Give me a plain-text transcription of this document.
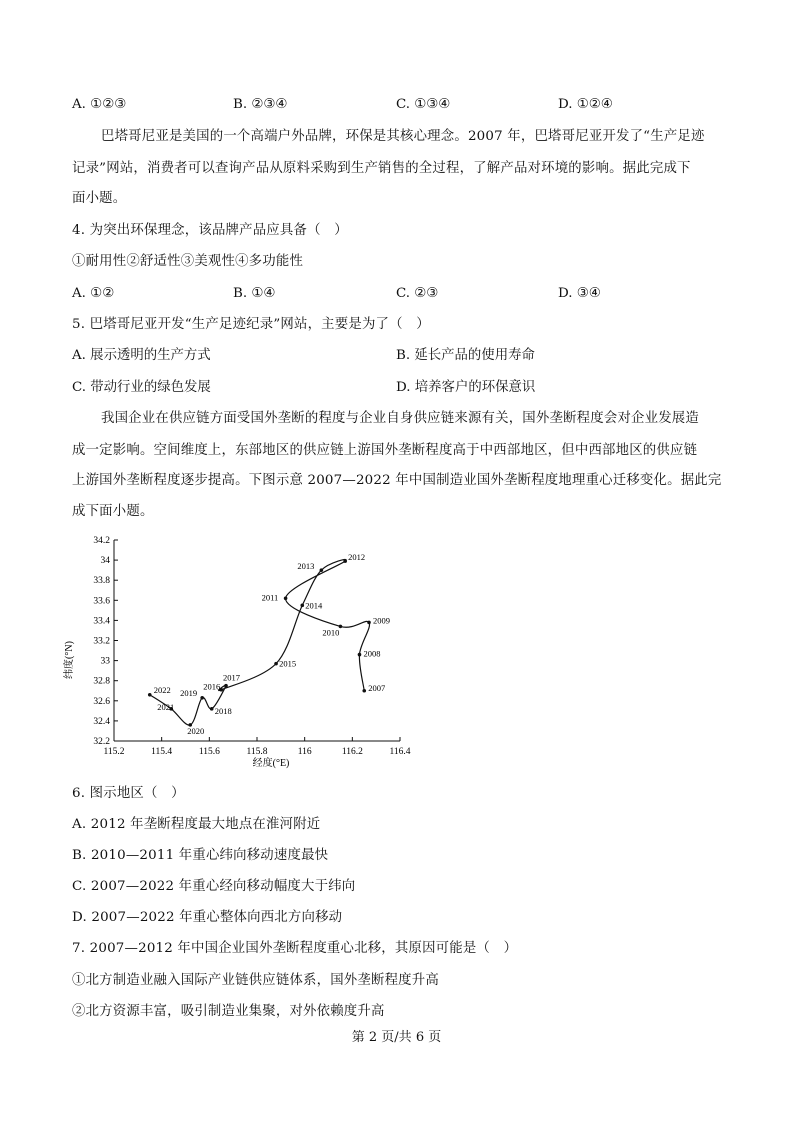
A. ①②③	B. ②③④	C. ①③④	D. ①②④
巴塔哥尼亚是美国的一个高端户外品牌，环保是其核心理念。2007 年，巴塔哥尼亚开发了“生产足迹
记录”网站，消费者可以查询产品从原料采购到生产销售的全过程，了解产品对环境的影响。据此完成下
面小题。
4. 为突出环保理念，该品牌产品应具备（　）
①耐用性②舒适性③美观性④多功能性
A. ①②	B. ①④	C. ②③	D. ③④
5. 巴塔哥尼亚开发“生产足迹纪录”网站，主要是为了（　）
A. 展示透明的生产方式	B. 延长产品的使用寿命
C. 带动行业的绿色发展	D. 培养客户的环保意识
我国企业在供应链方面受国外垄断的程度与企业自身供应链来源有关，国外垄断程度会对企业发展造
成一定影响。空间维度上，东部地区的供应链上游国外垄断程度高于中西部地区，但中西部地区的供应链
上游国外垄断程度逐步提高。下图示意 2007—2022 年中国制造业国外垄断程度地理重心迁移变化。据此完
成下面小题。
115.2	115.4	115.6	115.8	116	116.2	116.4
32.2
32.4
32.6
32.8
33
33.2
33.4
33.6
33.8
34
34.2
2007
2008
2009
2010
2011
2012
2013
2014
2015
2016
2017
2018
2019
2020
2021
2022
经度(°E)
纬度(°N)
6. 图示地区（　）
A. 2012 年垄断程度最大地点在淮河附近
B. 2010—2011 年重心纬向移动速度最快
C. 2007—2022 年重心经向移动幅度大于纬向
D. 2007—2022 年重心整体向西北方向移动
7. 2007—2012 年中国企业国外垄断程度重心北移，其原因可能是（　）
①北方制造业融入国际产业链供应链体系，国外垄断程度升高
②北方资源丰富，吸引制造业集聚，对外依赖度升高
第 2 页/共 6 页
